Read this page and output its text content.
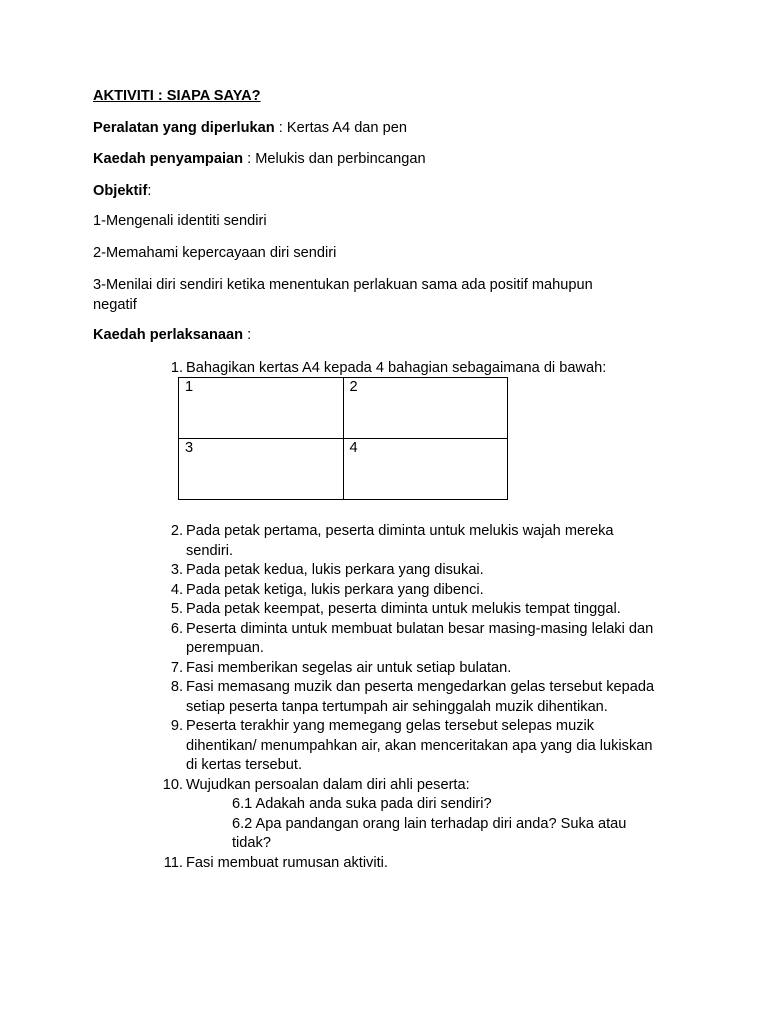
AKTIVITI : SIAPA SAYA?
Peralatan yang diperlukan : Kertas A4 dan pen
Kaedah penyampaian : Melukis dan perbincangan
Objektif:
1-Mengenali identiti sendiri
2-Memahami kepercayaan diri sendiri
3-Menilai diri sendiri ketika menentukan perlakuan sama ada positif mahupun negatif
Kaedah perlaksanaan :
1. Bahagikan kertas A4 kepada 4 bahagian sebagaimana di bawah:
1	2
3	4
2. Pada petak pertama, peserta diminta untuk melukis wajah mereka sendiri.
3. Pada petak kedua, lukis perkara yang disukai.
4. Pada petak ketiga, lukis perkara yang dibenci.
5. Pada petak keempat, peserta diminta untuk melukis tempat tinggal.
6. Peserta diminta untuk membuat bulatan besar masing-masing lelaki dan perempuan.
7. Fasi memberikan segelas air untuk setiap bulatan.
8. Fasi memasang muzik dan peserta mengedarkan gelas tersebut kepada setiap peserta tanpa tertumpah air sehinggalah muzik dihentikan.
9. Peserta terakhir yang memegang gelas tersebut selepas muzik dihentikan/ menumpahkan air, akan menceritakan apa yang dia lukiskan di kertas tersebut.
10. Wujudkan persoalan dalam diri ahli peserta:
6.1 Adakah anda suka pada diri sendiri?
6.2 Apa pandangan orang lain terhadap diri anda? Suka atau tidak?
11. Fasi membuat rumusan aktiviti.
